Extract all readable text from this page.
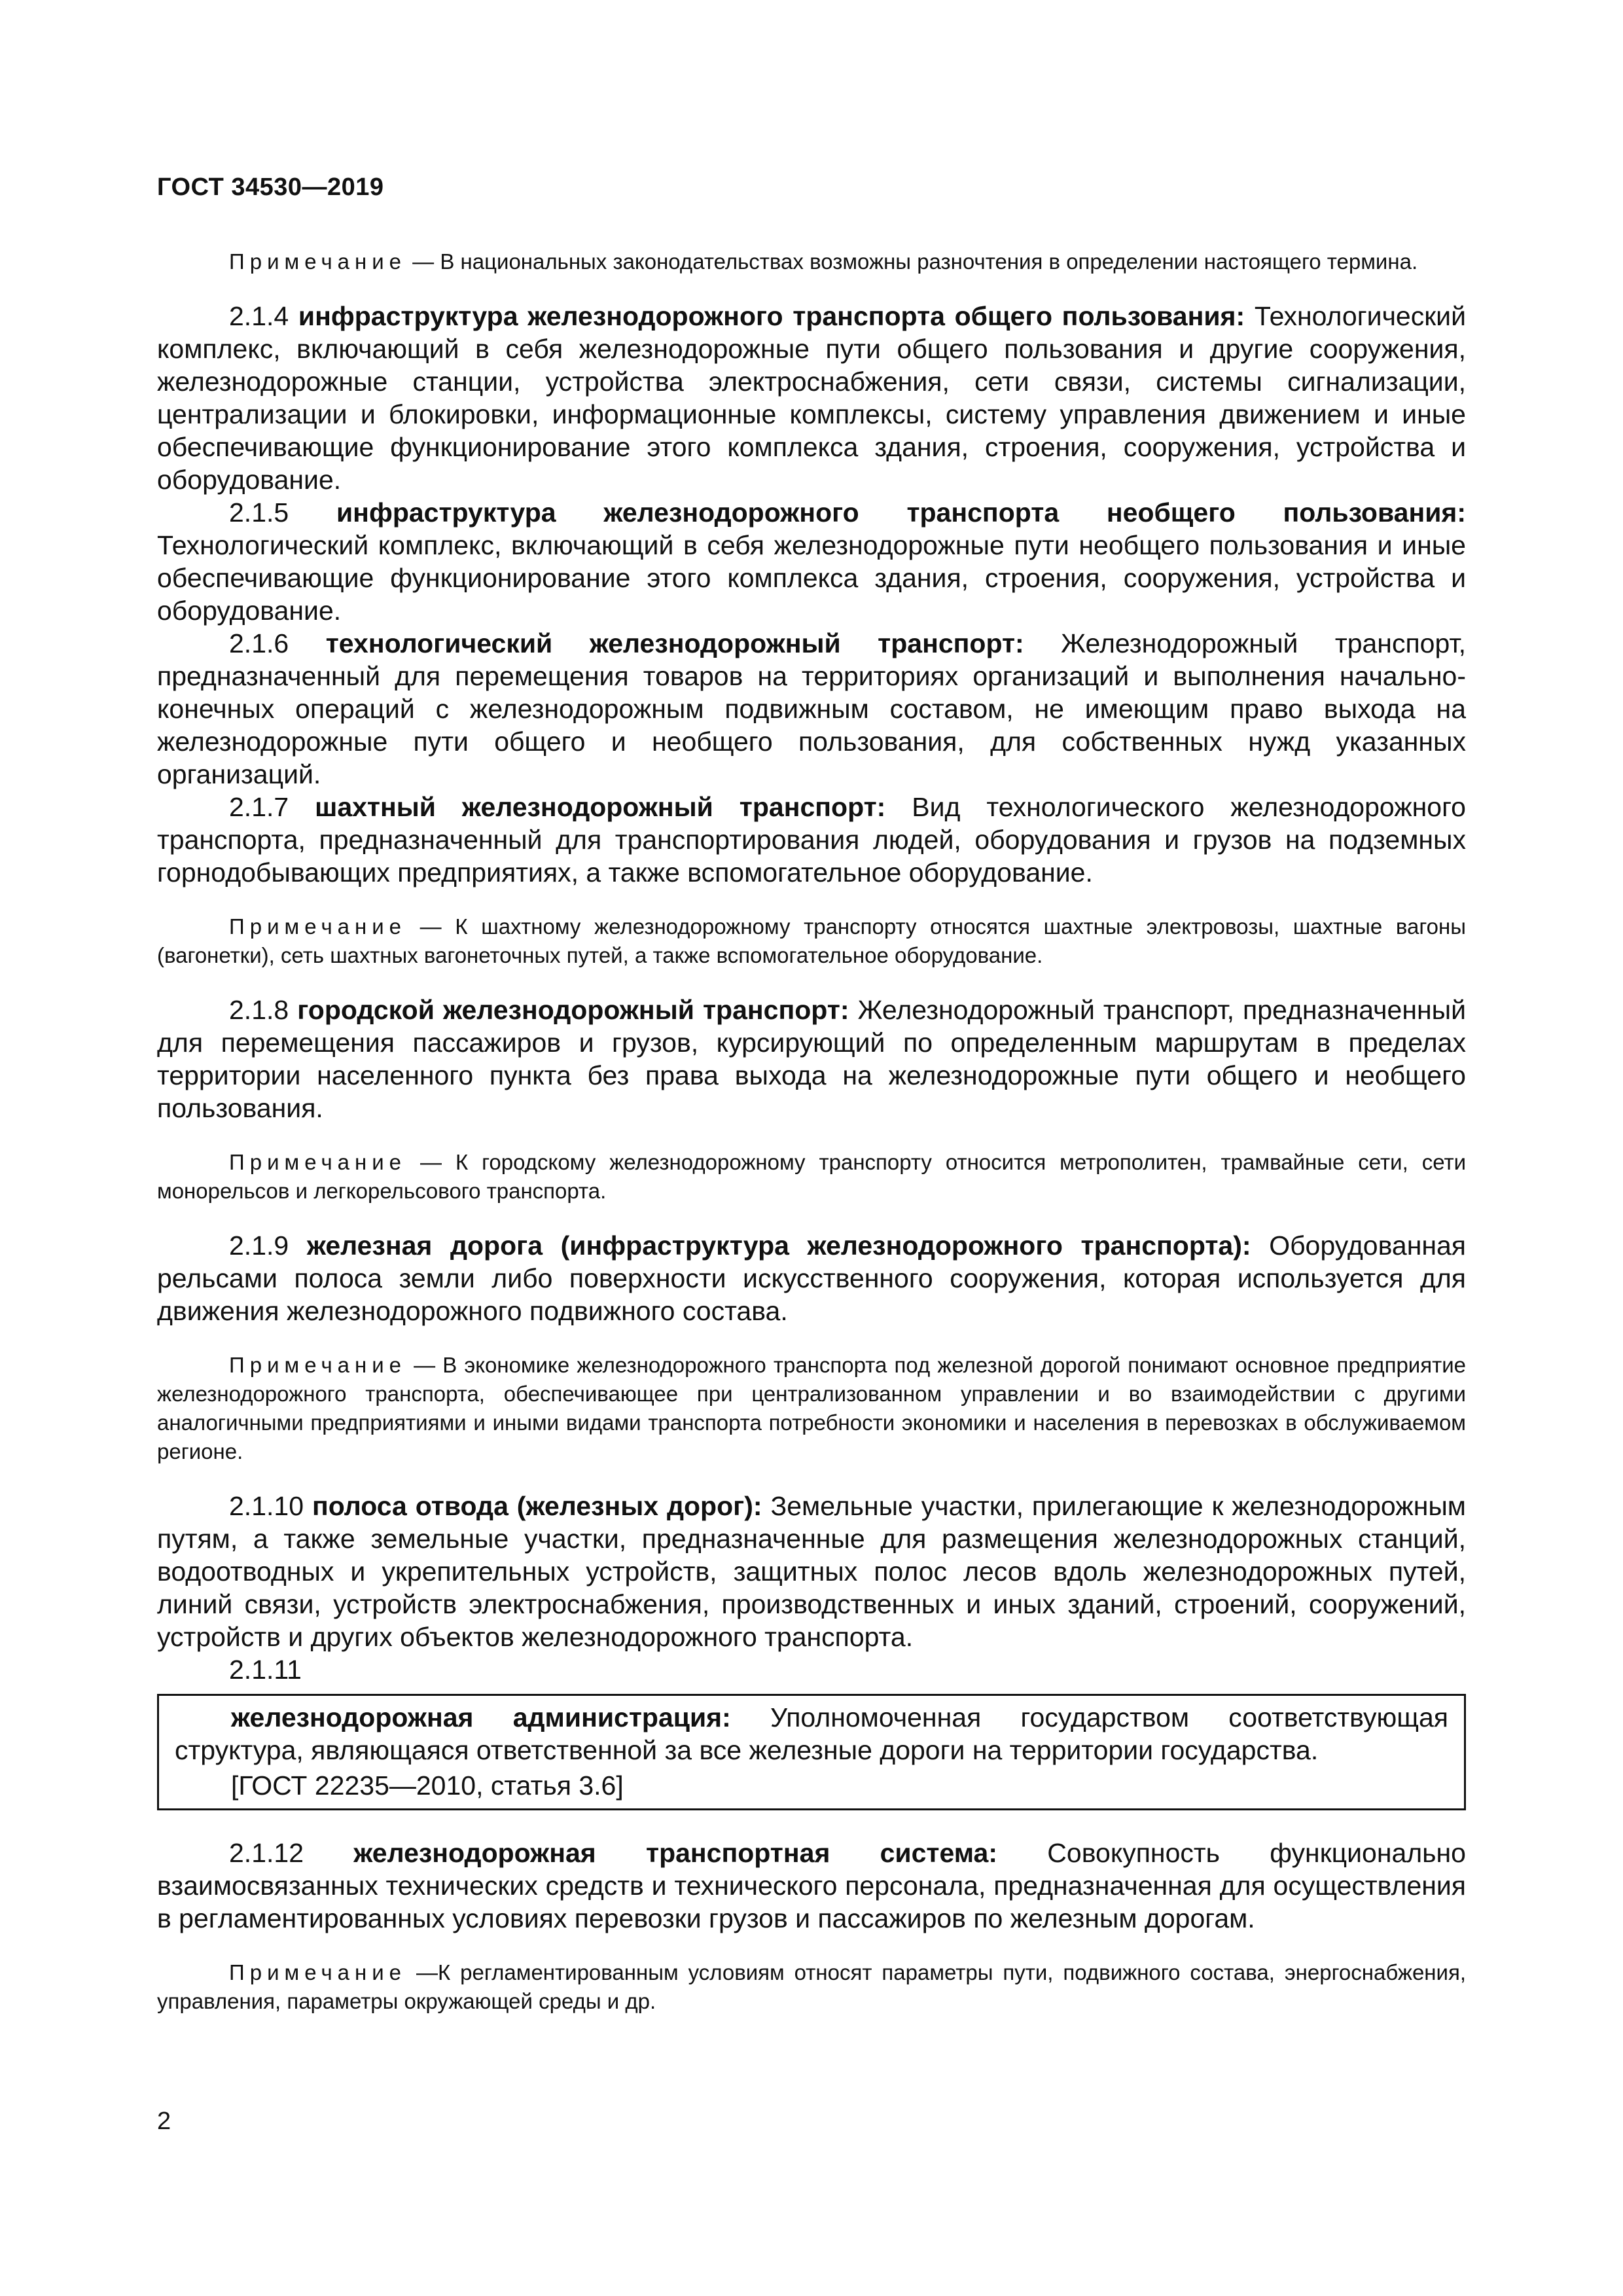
ГОСТ 34530—2019

Примечание — В национальных законодательствах возможны разночтения в определении настоящего термина.

2.1.4 инфраструктура железнодорожного транспорта общего пользования: Технологический комплекс, включающий в себя железнодорожные пути общего пользования и другие сооружения, железнодорожные станции, устройства электроснабжения, сети связи, системы сигнализации, централизации и блокировки, информационные комплексы, систему управления движением и иные обеспечивающие функционирование этого комплекса здания, строения, сооружения, устройства и оборудование.

2.1.5 инфраструктура железнодорожного транспорта необщего пользования: Технологический комплекс, включающий в себя железнодорожные пути необщего пользования и иные обеспечивающие функционирование этого комплекса здания, строения, сооружения, устройства и оборудование.

2.1.6 технологический железнодорожный транспорт: Железнодорожный транспорт, предназначенный для перемещения товаров на территориях организаций и выполнения начально-конечных операций с железнодорожным подвижным составом, не имеющим право выхода на железнодорожные пути общего и необщего пользования, для собственных нужд указанных организаций.

2.1.7 шахтный железнодорожный транспорт: Вид технологического железнодорожного транспорта, предназначенный для транспортирования людей, оборудования и грузов на подземных горнодобывающих предприятиях, а также вспомогательное оборудование.

Примечание — К шахтному железнодорожному транспорту относятся шахтные электровозы, шахтные вагоны (вагонетки), сеть шахтных вагонеточных путей, а также вспомогательное оборудование.

2.1.8 городской железнодорожный транспорт: Железнодорожный транспорт, предназначенный для перемещения пассажиров и грузов, курсирующий по определенным маршрутам в пределах территории населенного пункта без права выхода на железнодорожные пути общего и необщего пользования.

Примечание — К городскому железнодорожному транспорту относится метрополитен, трамвайные сети, сети монорельсов и легкорельсового транспорта.

2.1.9 железная дорога (инфраструктура железнодорожного транспорта): Оборудованная рельсами полоса земли либо поверхности искусственного сооружения, которая используется для движения железнодорожного подвижного состава.

Примечание — В экономике железнодорожного транспорта под железной дорогой понимают основное предприятие железнодорожного транспорта, обеспечивающее при централизованном управлении и во взаимодействии с другими аналогичными предприятиями и иными видами транспорта потребности экономики и населения в перевозках в обслуживаемом регионе.

2.1.10 полоса отвода (железных дорог): Земельные участки, прилегающие к железнодорожным путям, а также земельные участки, предназначенные для размещения железнодорожных станций, водоотводных и укрепительных устройств, защитных полос лесов вдоль железнодорожных путей, линий связи, устройств электроснабжения, производственных и иных зданий, строений, сооружений, устройств и других объектов железнодорожного транспорта.

2.1.11

железнодорожная администрация: Уполномоченная государством соответствующая структура, являющаяся ответственной за все железные дороги на территории государства.

[ГОСТ 22235—2010, статья 3.6]

2.1.12 железнодорожная транспортная система: Совокупность функционально взаимосвязанных технических средств и технического персонала, предназначенная для осуществления в регламентированных условиях перевозки грузов и пассажиров по железным дорогам.

Примечание —К регламентированным условиям относят параметры пути, подвижного состава, энергоснабжения, управления, параметры окружающей среды и др.

2
